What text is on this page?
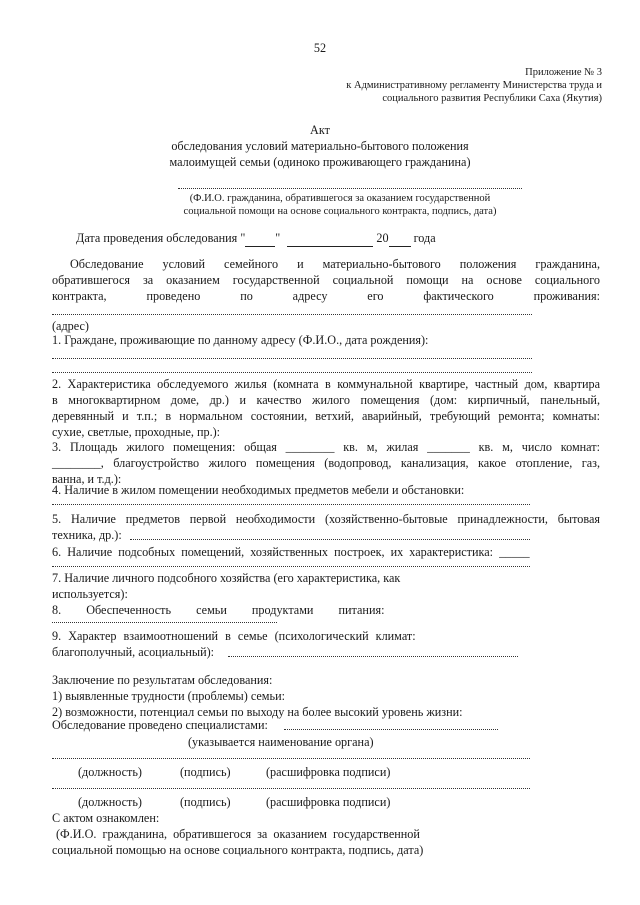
52
Приложение № 3
к Административному регламенту Министерства труда и
социального развития Республики Саха (Якутия)
Акт
обследования условий материально-бытового положения
малоимущей семьи (одиноко проживающего гражданина)
(Ф.И.О. гражданина, обратившегося за оказанием государственной
социальной помощи на основе социального контракта, подпись, дата)
Дата проведения обследования " "	20 года
Обследование условий семейного и материально-бытового положения гражданина,
обратившегося за оказанием государственной социальной помощи на основе социального
контракта, проведено по адресу его фактического проживания:
(адрес)
1. Граждане, проживающие по данному адресу (Ф.И.О., дата рождения):
2. Характеристика обследуемого жилья (комната в коммунальной квартире, частный дом, квартира
в многоквартирном доме, др.) и качество жилого помещения (дом: кирпичный, панельный,
деревянный и т.п.; в нормальном состоянии, ветхий, аварийный, требующий ремонта; комнаты:
сухие, светлые, проходные, пр.):
3. Площадь жилого помещения: общая ________ кв. м, жилая _______ кв. м, число комнат:
________, благоустройство жилого помещения (водопровод, канализация, какое отопление, газ,
ванна, и т.д.):
4. Наличие в жилом помещении необходимых предметов мебели и обстановки:
5. Наличие предметов первой необходимости (хозяйственно-бытовые принадлежности, бытовая
техника, др.):
6. Наличие подсобных помещений, хозяйственных построек, их характеристика: _____
7. Наличие личного подсобного хозяйства (его характеристика, как
используется):
8. Обеспеченность семьи продуктами питания:
9. Характер взаимоотношений в семье (психологический климат:
благополучный, асоциальный):
Заключение по результатам обследования:
1) выявленные трудности (проблемы) семьи:
2) возможности, потенциал семьи по выходу на более высокий уровень жизни:
Обследование проведено специалистами:
(указывается наименование органа)
(должность)	(подпись)	(расшифровка подписи)
(должность)	(подпись)	(расшифровка подписи)
С актом ознакомлен:
(Ф.И.О. гражданина, обратившегося за оказанием государственной
социальной помощью на основе социального контракта, подпись, дата)
